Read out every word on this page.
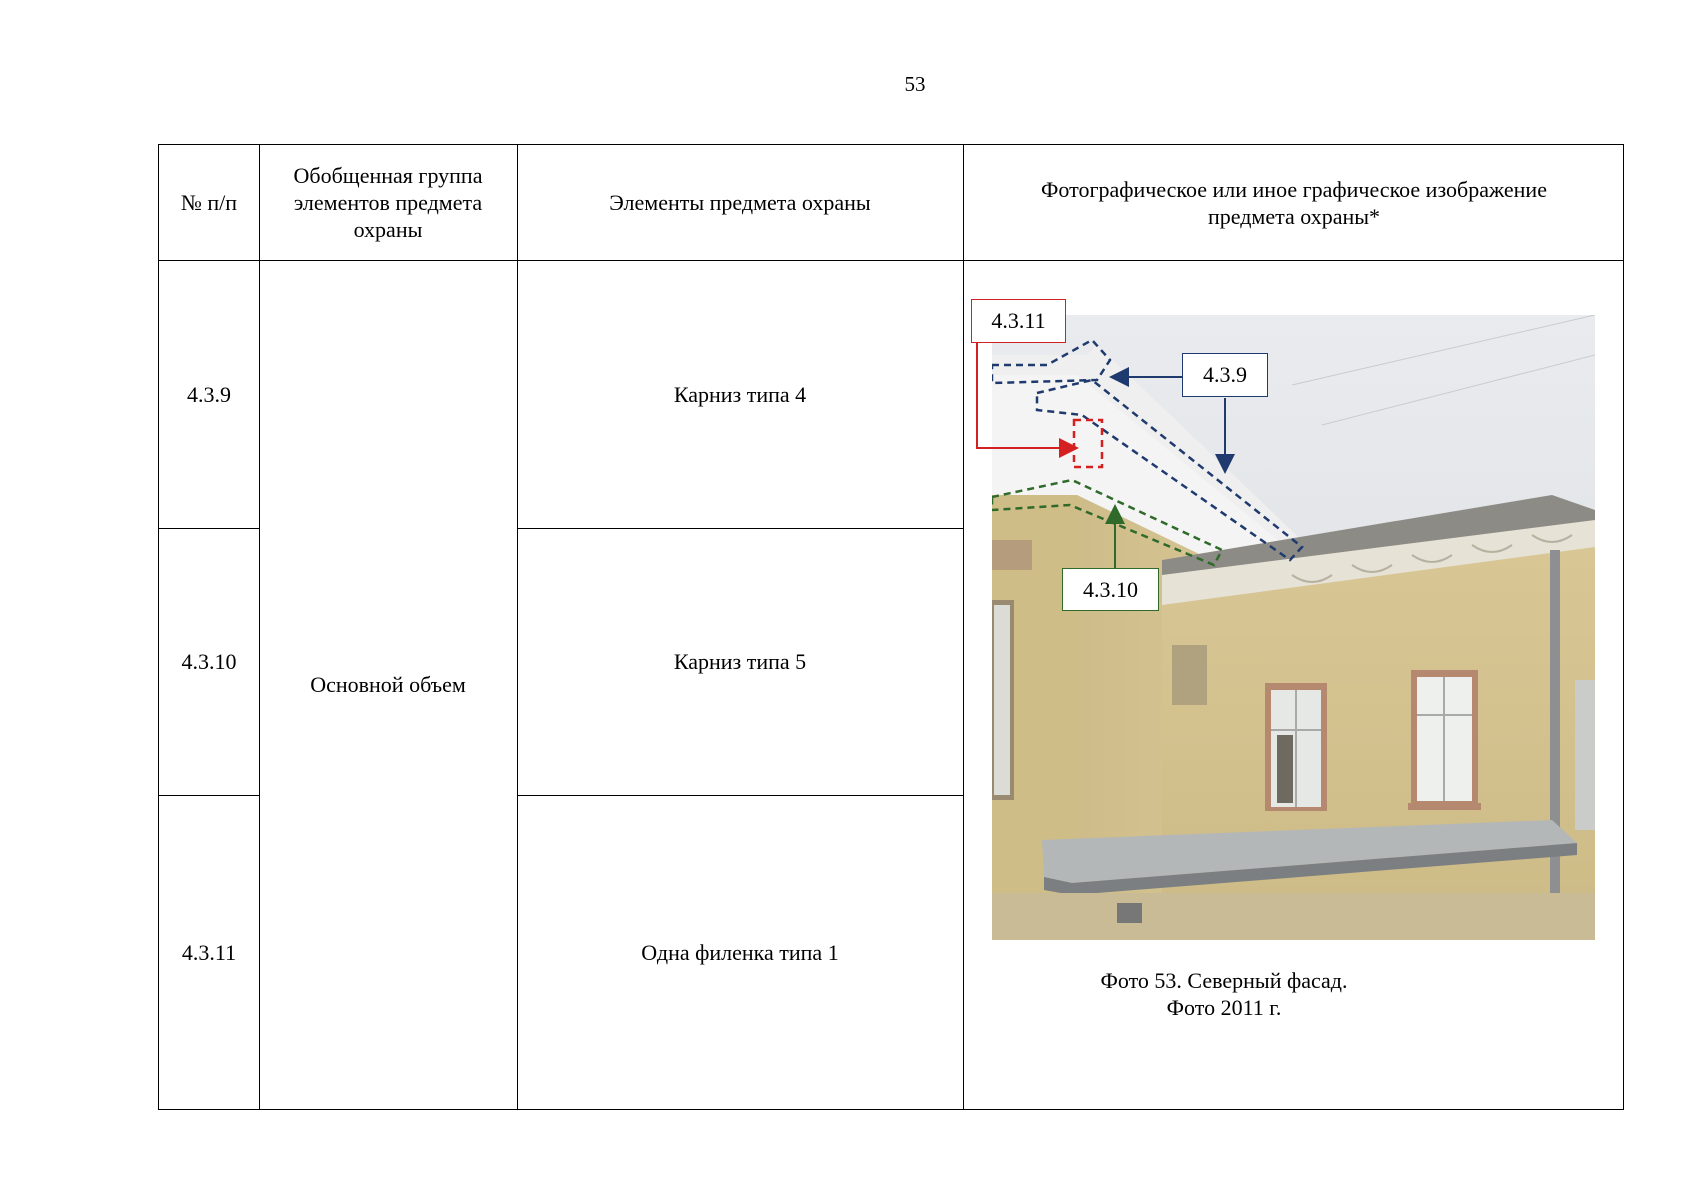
53
№ п/п
Обобщенная группа
элементов предмета
охраны
Элементы предмета охраны
Фотографическое или иное графическое изображение
предмета охраны*
4.3.9
4.3.10
4.3.11
Основной объем
Карниз типа 4
Карниз типа 5
Одна филенка типа 1
4.3.11
4.3.9
4.3.10
Фото 53. Северный фасад.
Фото 2011 г.
